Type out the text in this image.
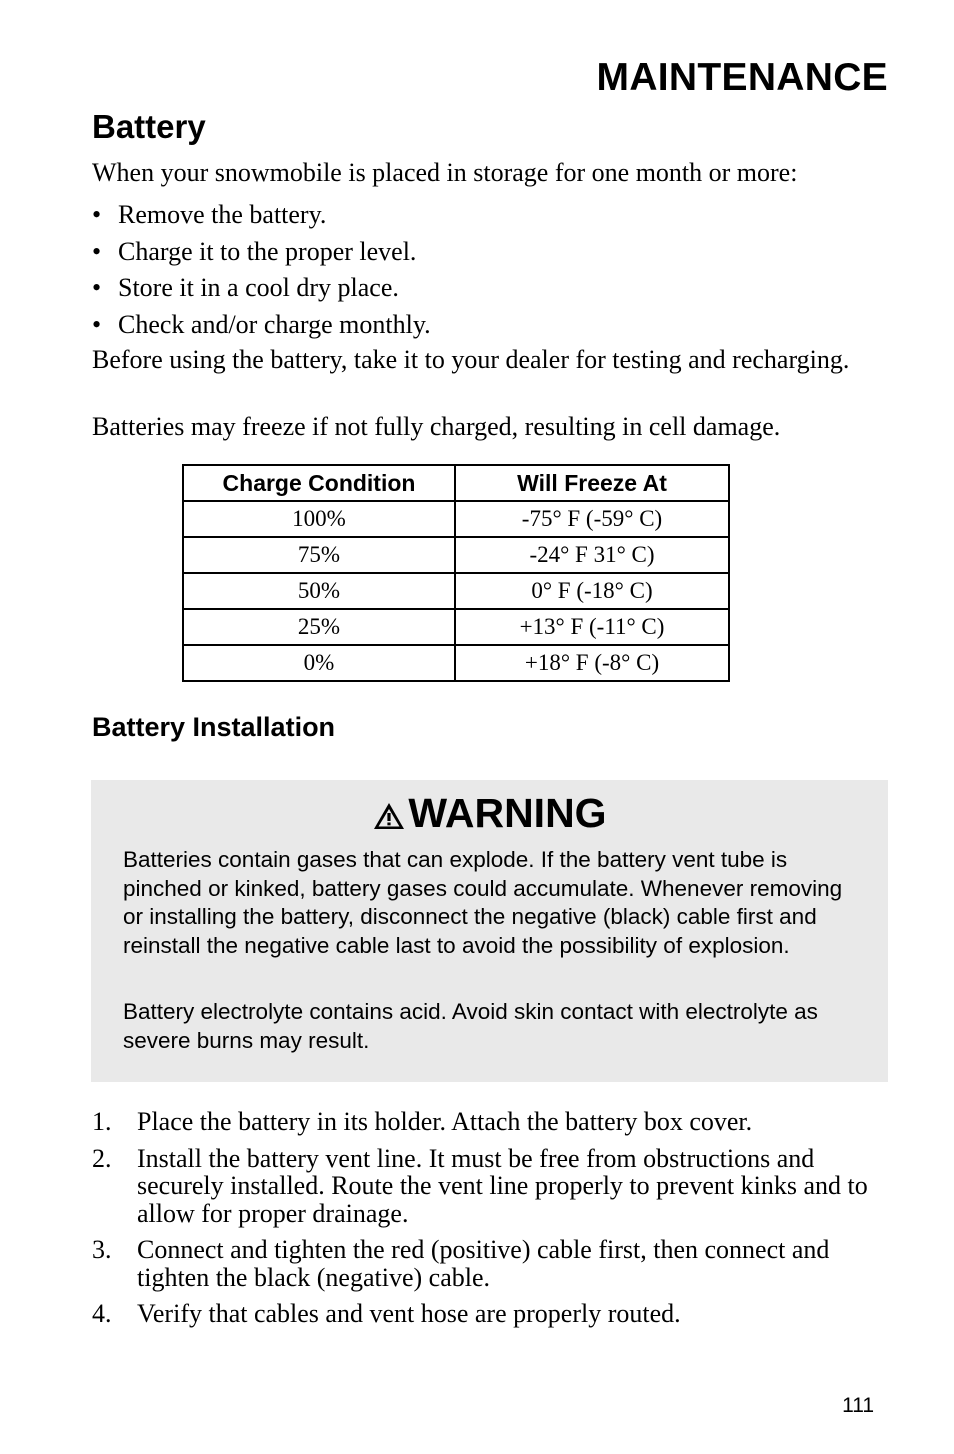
MAINTENANCE
Battery
When your snowmobile is placed in storage for one month or more:
• Remove the battery.
• Charge it to the proper level.
• Store it in a cool dry place.
• Check and/or charge monthly.
Before using the battery, take it to your dealer for testing and recharging.
Batteries may freeze if not fully charged, resulting in cell damage.
Charge Condition	Will Freeze At
100%	-75° F (-59° C)
75%	-24° F 31° C)
50%	0° F (-18° C)
25%	+13° F (-11° C)
0%	+18° F (-8° C)
Battery Installation
WARNING
Batteries contain gases that can explode. If the battery vent tube is pinched or kinked, battery gases could accumulate. Whenever removing or installing the battery, disconnect the negative (black) cable first and reinstall the negative cable last to avoid the possibility of explosion.
Battery electrolyte contains acid. Avoid skin contact with electrolyte as severe burns may result.
1. Place the battery in its holder. Attach the battery box cover.
2. Install the battery vent line. It must be free from obstructions and securely installed. Route the vent line properly to prevent kinks and to allow for proper drainage.
3. Connect and tighten the red (positive) cable first, then connect and tighten the black (negative) cable.
4. Verify that cables and vent hose are properly routed.
111
